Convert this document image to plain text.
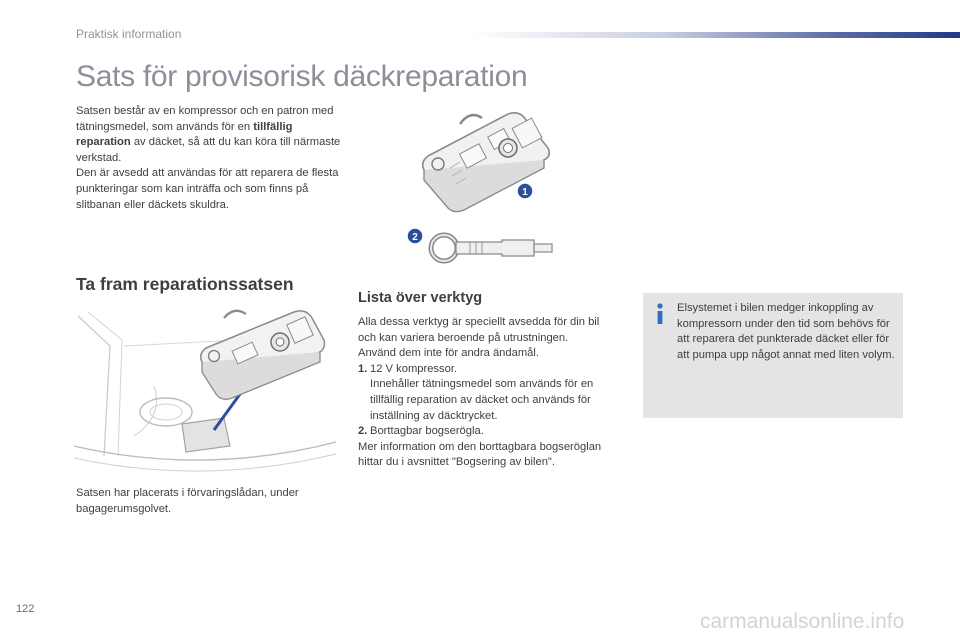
Praktisk information
Sats för provisorisk däckreparation
Satsen består av en kompressor och en patron med tätningsmedel, som används för en tillfällig reparation av däcket, så att du kan köra till närmaste verkstad.
Den är avsedd att användas för att reparera de flesta punkteringar som kan inträffa och som finns på slitbanan eller däckets skuldra.
1
2
Ta fram reparationssatsen
Satsen har placerats i förvaringslådan, under bagagerumsgolvet.
Lista över verktyg
Alla dessa verktyg är speciellt avsedda för din bil och kan variera beroende på utrustningen.
Använd dem inte för andra ändamål.
1. 12 V kompressor.
Innehåller tätningsmedel som används för en tillfällig reparation av däcket och används för inställning av däcktrycket.
2. Borttagbar bogserögla.
Mer information om den borttagbara bogseröglan hittar du i avsnittet "Bogsering av bilen".
Elsystemet i bilen medger inkoppling av kompressorn under den tid som behövs för att reparera det punkterade däcket eller för att pumpa upp något annat med liten volym.
122
carmanualsonline.info
